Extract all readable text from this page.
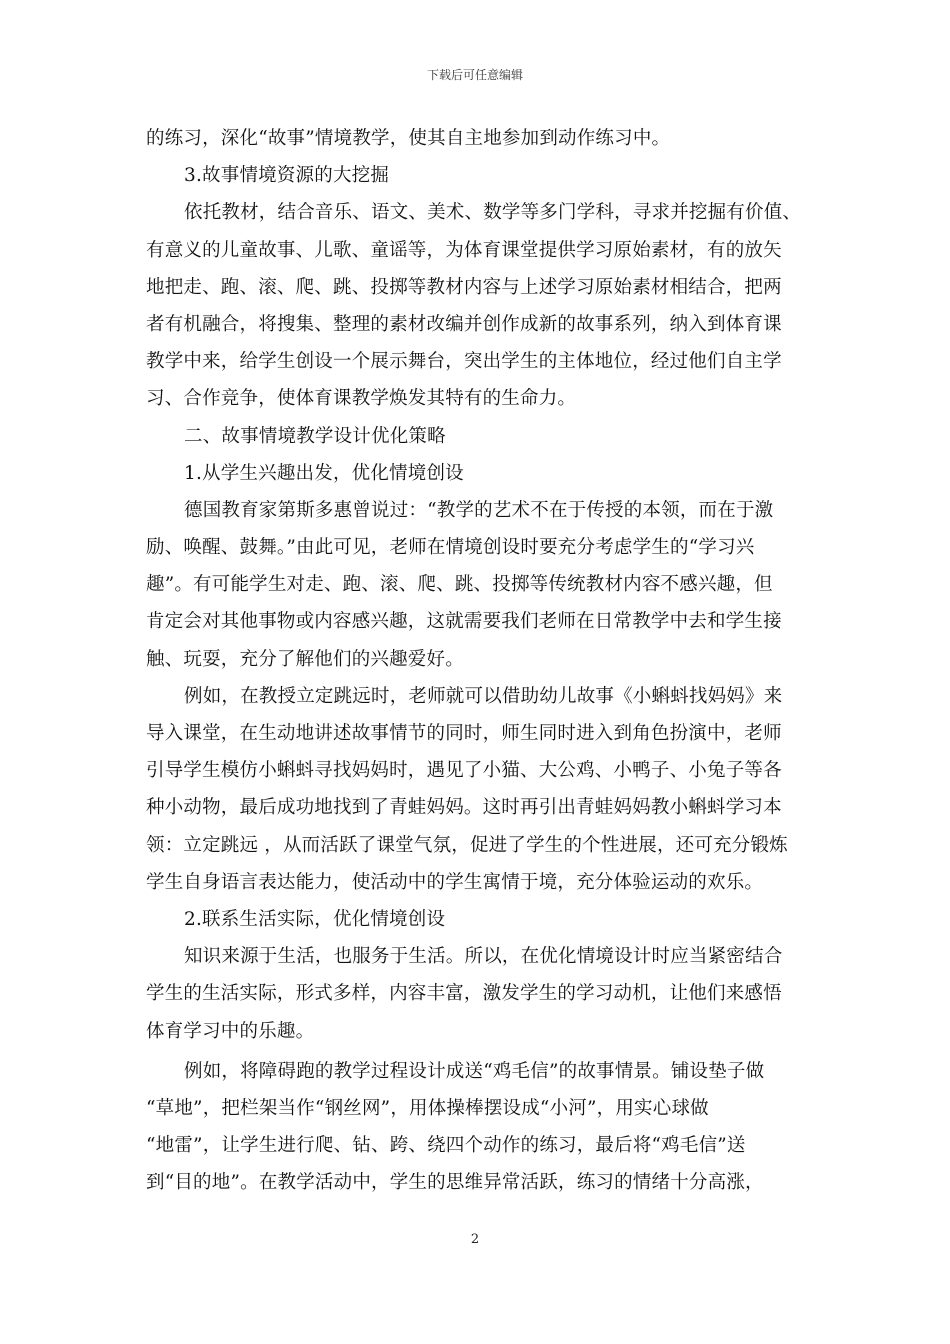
下载后可任意编辑
的练习，深化“故事”情境教学，使其自主地参加到动作练习中。
3.故事情境资源的大挖掘
依托教材，结合音乐、语文、美术、数学等多门学科，寻求并挖掘有价值、
有意义的儿童故事、儿歌、童谣等，为体育课堂提供学习原始素材，有的放矢
地把走、跑、滚、爬、跳、投掷等教材内容与上述学习原始素材相结合，把两
者有机融合，将搜集、整理的素材改编并创作成新的故事系列，纳入到体育课
教学中来，给学生创设一个展示舞台，突出学生的主体地位，经过他们自主学
习、合作竞争，使体育课教学焕发其特有的生命力。
二、故事情境教学设计优化策略
1.从学生兴趣出发，优化情境创设
德国教育家第斯多惠曾说过：“教学的艺术不在于传授的本领，而在于激
励、唤醒、鼓舞。”由此可见，老师在情境创设时要充分考虑学生的“学习兴
趣”。有可能学生对走、跑、滚、爬、跳、投掷等传统教材内容不感兴趣，但
肯定会对其他事物或内容感兴趣，这就需要我们老师在日常教学中去和学生接
触、玩耍，充分了解他们的兴趣爱好。
例如，在教授立定跳远时，老师就可以借助幼儿故事《小蝌蚪找妈妈》来
导入课堂，在生动地讲述故事情节的同时，师生同时进入到角色扮演中，老师
引导学生模仿小蝌蚪寻找妈妈时，遇见了小猫、大公鸡、小鸭子、小兔子等各
种小动物，最后成功地找到了青蛙妈妈。这时再引出青蛙妈妈教小蝌蚪学习本
领：立定跳远 ，从而活跃了课堂气氛，促进了学生的个性进展，还可充分锻炼
学生自身语言表达能力，使活动中的学生寓情于境，充分体验运动的欢乐。
2.联系生活实际，优化情境创设
知识来源于生活，也服务于生活。所以，在优化情境设计时应当紧密结合
学生的生活实际，形式多样，内容丰富，激发学生的学习动机，让他们来感悟
体育学习中的乐趣。
例如，将障碍跑的教学过程设计成送“鸡毛信”的故事情景。铺设垫子做
“草地”，把栏架当作“钢丝网”，用体操棒摆设成“小河”，用实心球做
“地雷”，让学生进行爬、钻、跨、绕四个动作的练习，最后将“鸡毛信”送
到“目的地”。在教学活动中，学生的思维异常活跃，练习的情绪十分高涨，
2
